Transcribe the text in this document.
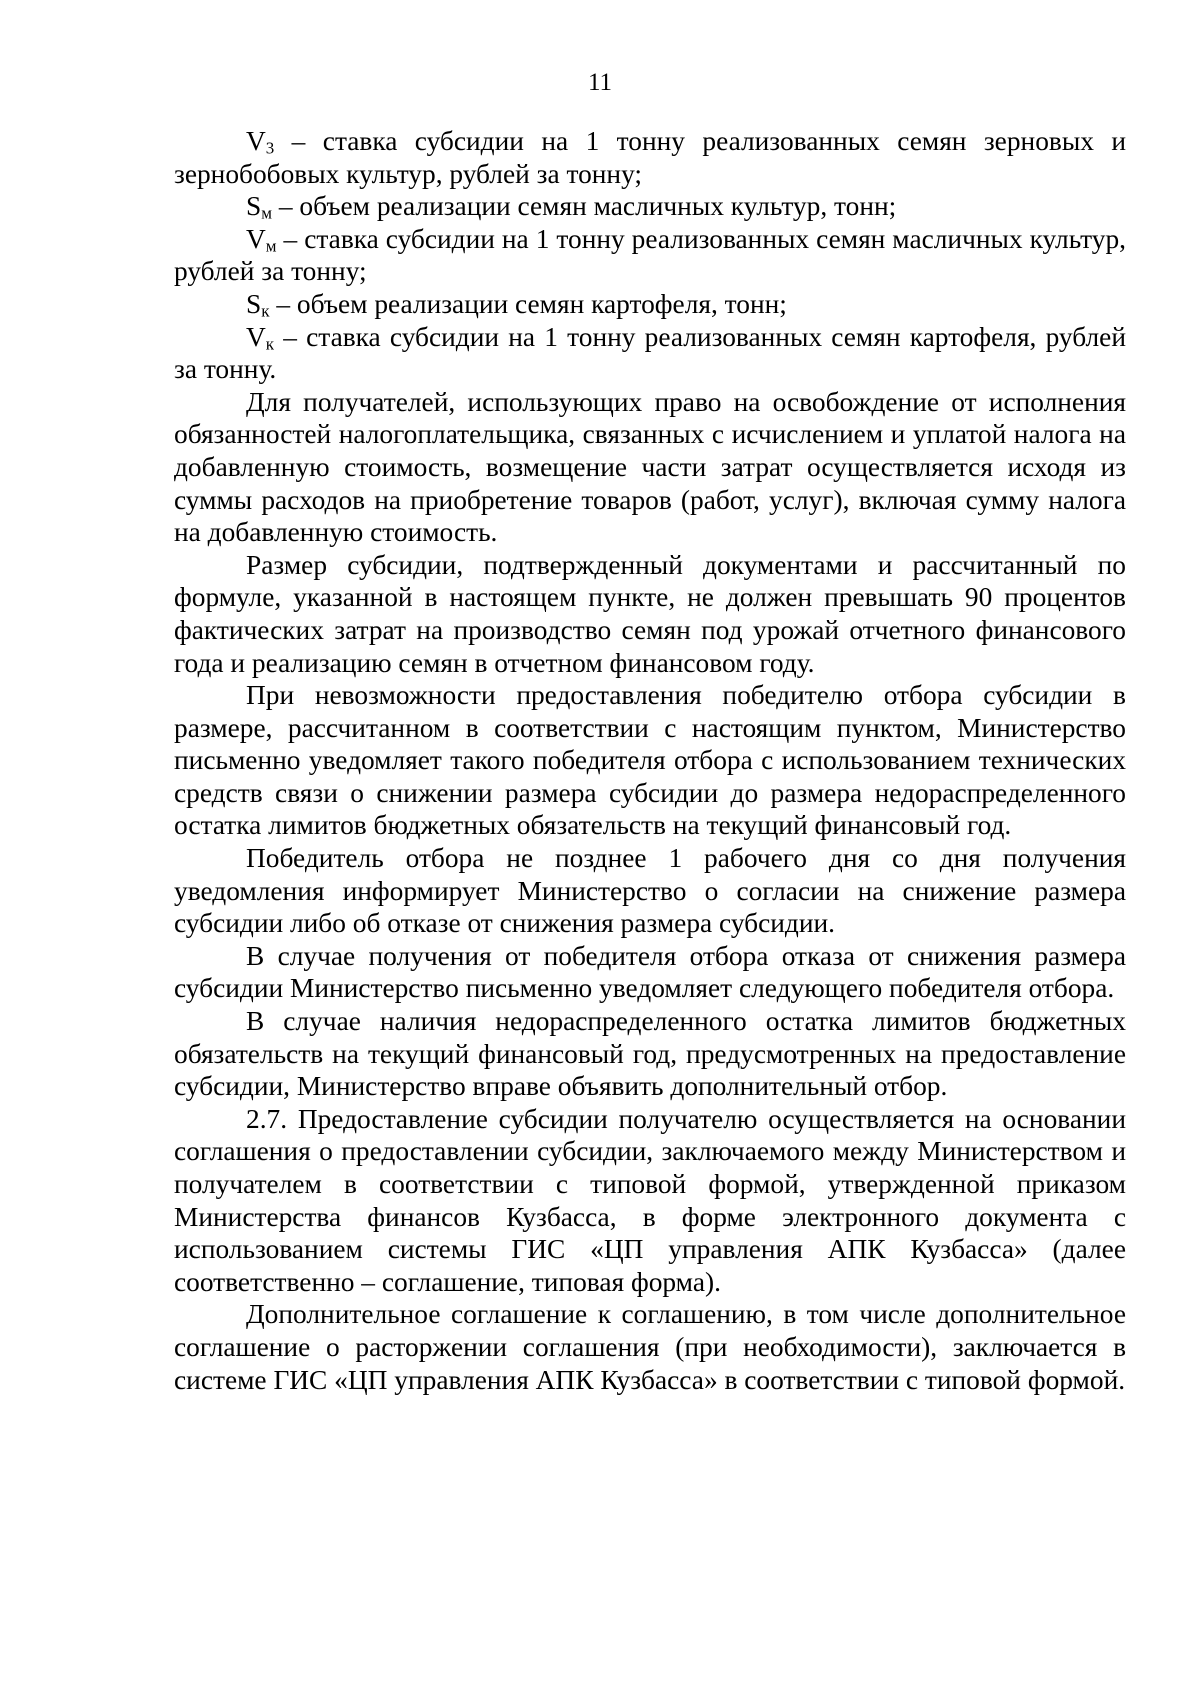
11

$V_3$ – ставка субсидии на 1 тонну реализованных семян зерновых и зернобобовых культур, рублей за тонну;

$S_м$ – объем реализации семян масличных культур, тонн;

$V_м$ – ставка субсидии на 1 тонну реализованных семян масличных культур, рублей за тонну;

$S_к$ – объем реализации семян картофеля, тонн;

$V_к$ – ставка субсидии на 1 тонну реализованных семян картофеля, рублей за тонну.

Для получателей, использующих право на освобождение от исполнения обязанностей налогоплательщика, связанных с исчислением и уплатой налога на добавленную стоимость, возмещение части затрат осуществляется исходя из суммы расходов на приобретение товаров (работ, услуг), включая сумму налога на добавленную стоимость.

Размер субсидии, подтвержденный документами и рассчитанный по формуле, указанной в настоящем пункте, не должен превышать 90 процентов фактических затрат на производство семян под урожай отчетного финансового года и реализацию семян в отчетном финансовом году.

При невозможности предоставления победителю отбора субсидии в размере, рассчитанном в соответствии с настоящим пунктом, Министерство письменно уведомляет такого победителя отбора с использованием технических средств связи о снижении размера субсидии до размера недораспределенного остатка лимитов бюджетных обязательств на текущий финансовый год.

Победитель отбора не позднее 1 рабочего дня со дня получения уведомления информирует Министерство о согласии на снижение размера субсидии либо об отказе от снижения размера субсидии.

В случае получения от победителя отбора отказа от снижения размера субсидии Министерство письменно уведомляет следующего победителя отбора.

В случае наличия недораспределенного остатка лимитов бюджетных обязательств на текущий финансовый год, предусмотренных на предоставление субсидии, Министерство вправе объявить дополнительный отбор.

2.7. Предоставление субсидии получателю осуществляется на основании соглашения о предоставлении субсидии, заключаемого между Министерством и получателем в соответствии с типовой формой, утвержденной приказом Министерства финансов Кузбасса, в форме электронного документа с использованием системы ГИС «ЦП управления АПК Кузбасса» (далее соответственно – соглашение, типовая форма).

Дополнительное соглашение к соглашению, в том числе дополнительное соглашение о расторжении соглашения (при необходимости), заключается в системе ГИС «ЦП управления АПК Кузбасса» в соответствии с типовой формой.
